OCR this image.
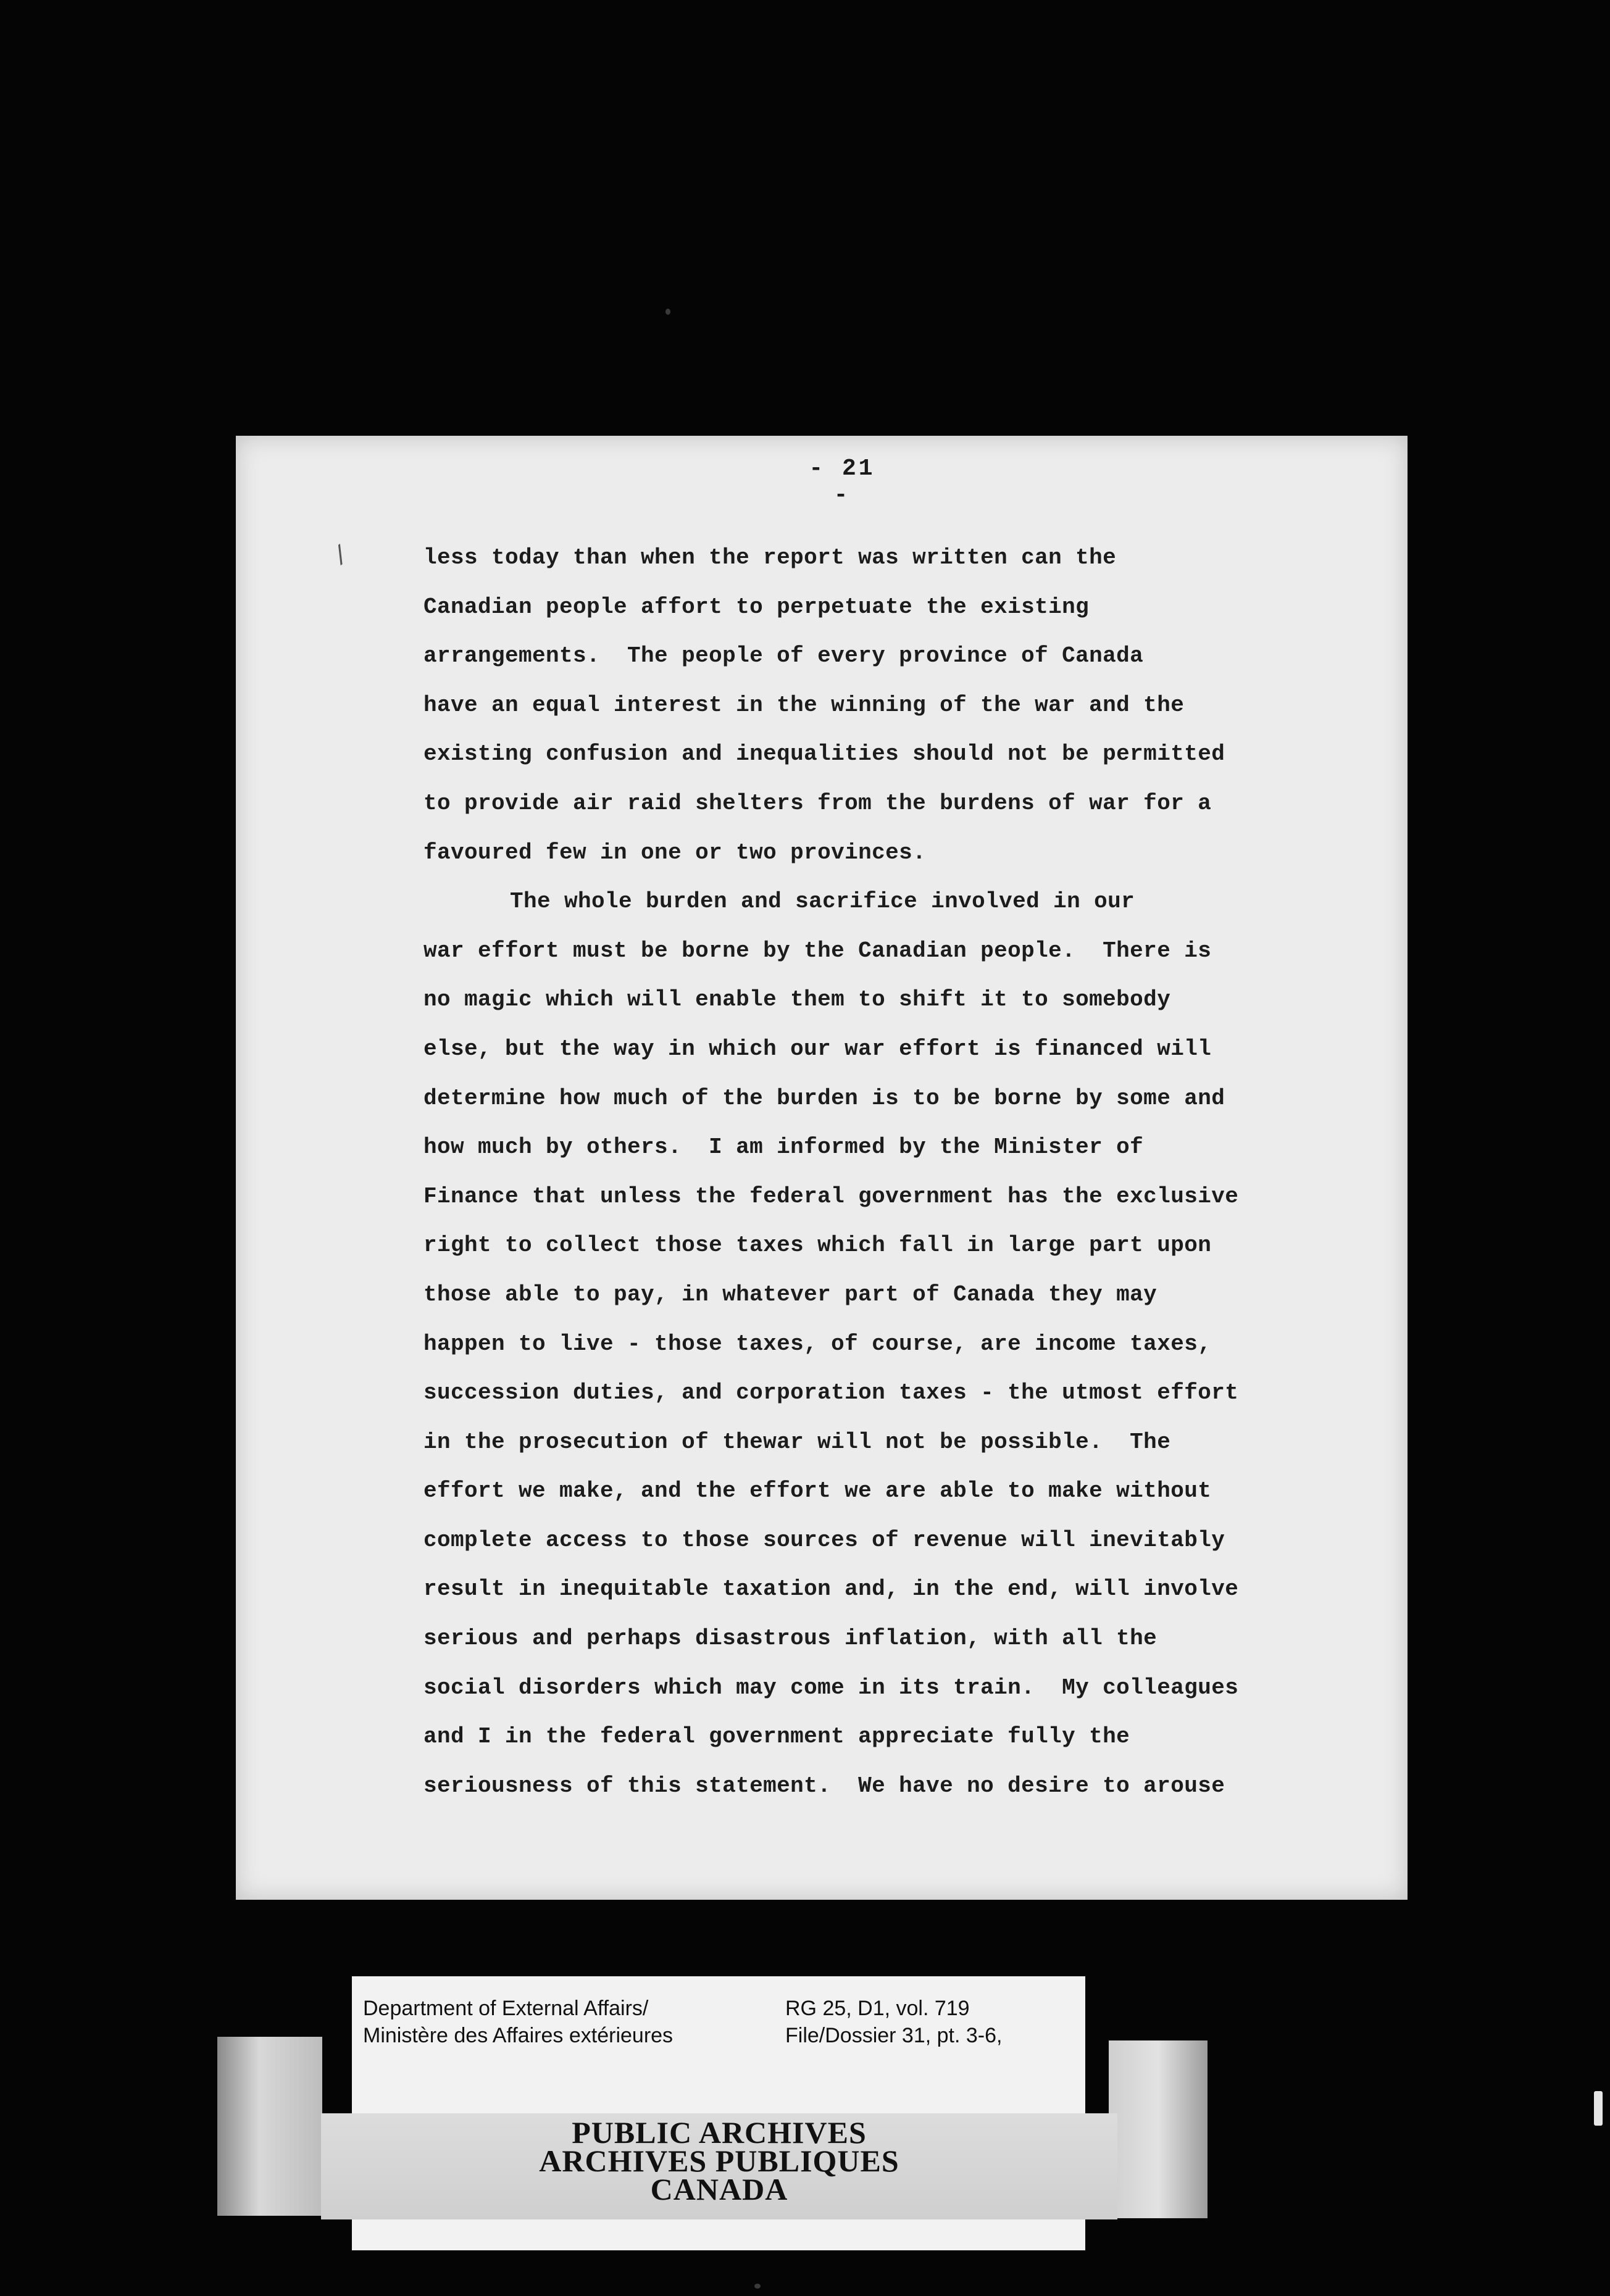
/
- 21 -
less today than when the report was written can the
Canadian people affort to perpetuate the existing
arrangements.  The people of every province of Canada
have an equal interest in the winning of the war and the
existing confusion and inequalities should not be permitted
to provide air raid shelters from the burdens of war for a
favoured few in one or two provinces.
The whole burden and sacrifice involved in our
war effort must be borne by the Canadian people.  There is
no magic which will enable them to shift it to somebody
else, but the way in which our war effort is financed will
determine how much of the burden is to be borne by some and
how much by others.  I am informed by the Minister of
Finance that unless the federal government has the exclusive
right to collect those taxes which fall in large part upon
those able to pay, in whatever part of Canada they may
happen to live - those taxes, of course, are income taxes,
succession duties, and corporation taxes - the utmost effort
in the prosecution of thewar will not be possible.  The
effort we make, and the effort we are able to make without
complete access to those sources of revenue will inevitably
result in inequitable taxation and, in the end, will involve
serious and perhaps disastrous inflation, with all the
social disorders which may come in its train.  My colleagues
and I in the federal government appreciate fully the
seriousness of this statement.  We have no desire to arouse
Department of External Affairs/
Ministère des Affaires extérieures
RG 25, D1, vol. 719
File/Dossier 31, pt. 3-6,
PUBLIC ARCHIVES
ARCHIVES PUBLIQUES
CANADA
